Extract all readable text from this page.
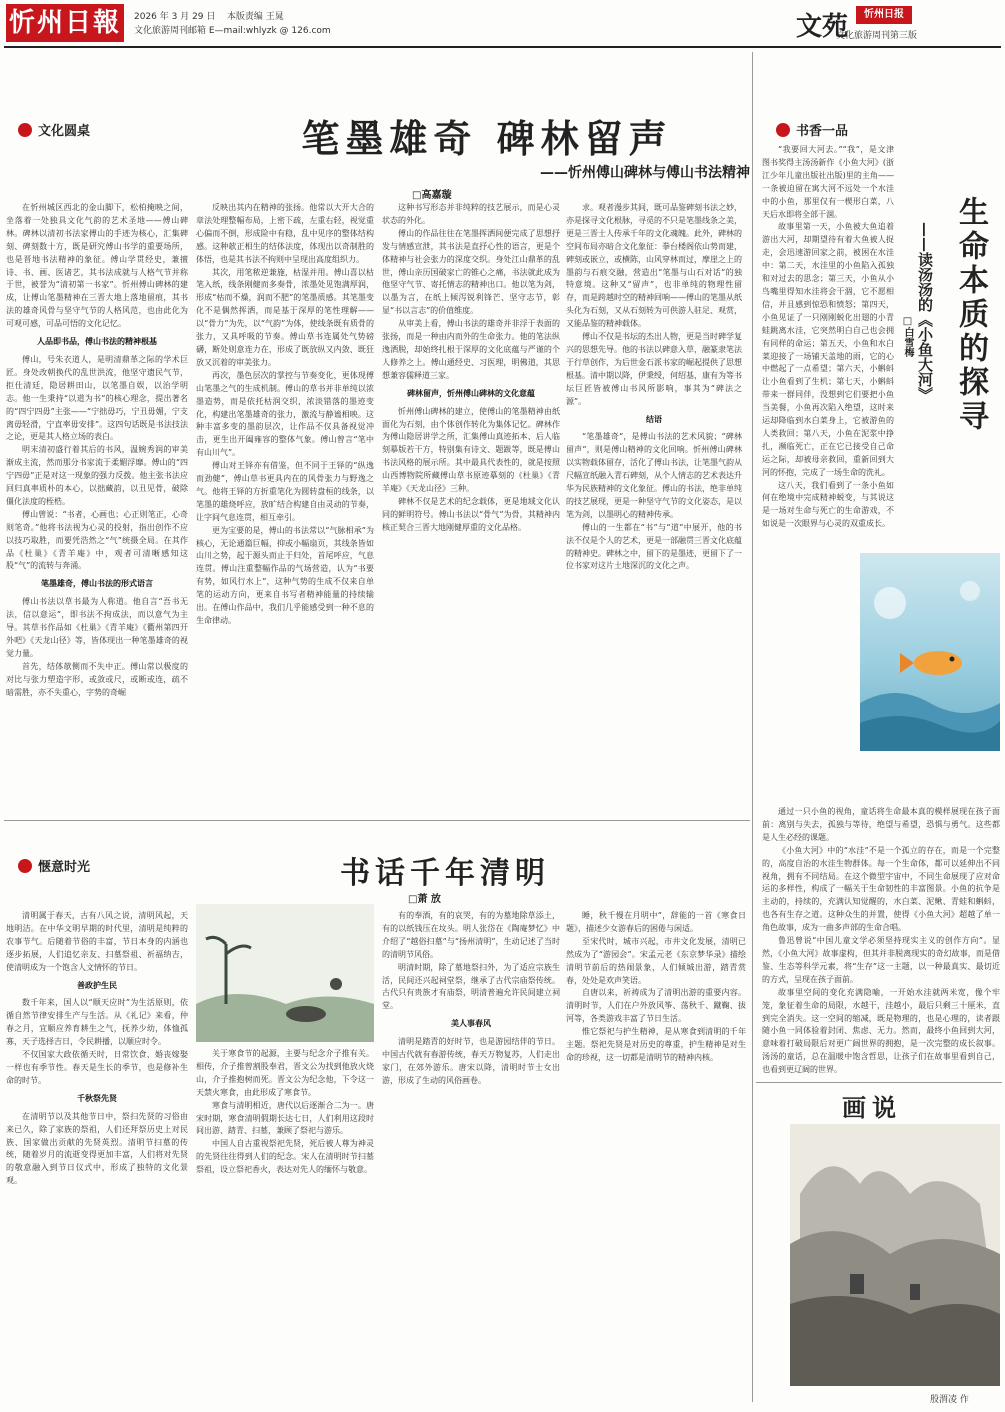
忻州日報	2026 年 3 月 29 日 本版责编 王晁
文化旅游周刊邮箱 E—mail:whlyzk @ 126.com	文苑	忻州日报
文化旅游周刊第三版
文化圆桌	笔墨雄奇 碑林留声
——忻州傅山碑林与傅山书法精神
□高嘉璇

在忻州城区西北的金山脚下，松柏掩映之间，坐落着一处独具文化气韵的艺术圣地——傅山碑林。碑林以清初书法家傅山的手迹为核心，汇集碑刻、碑刻数十方，既是研究傅山书学的重要场所，也是晋地书法精神的象征。傅山学贯经史，兼擅诗、书、画、医诸艺，其书法成就与人格气节并称于世，被誉为“清初第一书家”。忻州傅山碑林的建成，让傅山笔墨精神在三晋大地上落地留痕，其书法的雄奇风骨与坚守气节的人格风范，也由此化为可观可感，可品可悟的文化记忆。

人品即书品，傅山书法的精神根基

傅山，号朱衣道人，是明清鼎革之际的学术巨匠。身处改朝换代的乱世洪流，他坚守遗民气节，拒仕清廷，隐居耕田山，以笔墨自娱，以治学明志。他一生秉持“以道为书”的核心理念，提出著名的“四宁四毋”主张——“宁拙毋巧，宁丑毋媚，宁支离毋轻滑，宁直率毋安排”。这四句话既是书法技法之论，更是其人格立场的表白。

明末清初盛行着其后的书风，温婉秀润的审美渐成主流，然而那分书家流于柔媚浮靡。傅山的“四宁四毋”正是对这一现象的强力反拨。他主张书法应回归真率质朴的本心，以拙藏韵，以丑见骨，破除僵化法度的桎梏。

傅山曾说：“书者，心画也；心正则笔正，心奇则笔奇。”他将书法视为心灵的投射，指出创作不应以技巧取胜，而要凭浩然之“气”统摄全局。在其作品《杜巢》《青羊庵》中，观者可清晰感知这股“气”的流转与奔涌。

笔墨雄奇，傅山书法的形式语言

傅山书法以草书最为人称道。他自言“吾书无法，信以意运”，即书法不拘成法，而以意气为主导。其草书作品如《杜巢》《青羊庵》《衢州第四开外吧》《天龙山径》等，皆体现出一种笔墨雄奇的视觉力量。

首先，结体欹侧而不失中正。傅山常以极度的对比与张力塑造字形，或敛或尺，或断或连，疏不暗需胜，亦不失重心，字势的奇崛

反映出其内在精神的张扬。他常以大开大合的章法处理整幅布局，上密下疏，左重右轻，视觉重心偏而不倒，形成险中有稳，乱中见序的整体结构感。这种欹正相生的结体法度，体现出以奇制胜的体悟，也是其书法不拘则中呈现出高度组织力。

其次，用笔秾逆兼施，枯湿并用。傅山喜以枯笔入纸，线条刚健而多奏骨，浓墨处见饱满厚润，形成“枯而不燥，润而不肥”的笔墨质感。其笔墨变化不是偶然挥洒，而是基于深厚的笔性理解——以“骨力”为先，以“气韵”为体，使线条既有质骨的张力，又具呼吸的节奏。傅山草书连属处气势磅礴，断处则意连力在，形成了既放纵又内敛、既狂放又沉着的审美张力。

再次，墨色层次的掌控与节奏变化，更体现傅山笔墨之气的生成机制。傅山的草书并非单纯以浓墨造势，而是依托枯润交织，浓淡错落的墨迹变化，构建出笔墨雄奇的张力，激流与静谧相映。这种丰富多变的墨韵层次，让作品不仅具备视觉冲击，更生出开阖雍容的整体气象。傅山曾言“笔中有山川气”。

傅山对王铎亦有借鉴，但不同于王铎的“纵逸而劲健”，傅山草书更具内在的风骨张力与野逸之气。他将王铎的方折重笔化为圆转盘桓的线条，以笔墨的雄烧呼应，放旷结合构建自由灵动的节奏，让字间气息连贯，相互牵引。

更为宝要的是，傅山的书法常以“气脉相承”为核心，无论通篇巨幅，抑或小幅扇页，其线条皆如山川之势，起于源头而止于归处，首尾呼应，气息连贯。傅山注重整幅作品的气场营造，认为“书要有势，如风行水上”，这种气势的生成不仅来自单笔的运动方向，更来自书写者精神能量的持续输出。在傅山作品中，我们几乎能感受到一种不息的生命律动。

这种书写形态并非纯粹的技艺展示，而是心灵状态的外化。

傅山的作品往往在笔墨挥洒间便完成了思想抒发与情感宣泄，其书法是直抒心性的语言，更是个体精神与社会张力的深度交织。身处江山鼎革的乱世，傅山亲历国破家亡的锥心之痛，书法就此成为他坚守气节、寄托情志的精神出口。他以笔为剑，以墨为言，在纸上倾泻锐利锋芒、坚守志节，彰显“书以言志”的价值维度。

从审美上看，傅山书法的雄奇并非浮于表面的张扬，而是一种由内而外的生命张力。他的笔法纵逸洒脱，却始终扎根于深厚的文化底蕴与严谨的个人修养之上。傅山通经史、习医理，明佛道，其思想兼容儒释道三家。

碑林留声，忻州傅山碑林的文化意蕴

忻州傅山碑林的建立，使傅山的笔墨精神由纸面化为石刻，由个体创作转化为集体记忆。碑林作为傅山隐居讲学之所，汇集傅山真迹拓本、后人临刻摹版若干方，特别集有诗文、题跋等，既是傅山书法风格的展示所。其中最具代表性的，就是按照山西博物院所藏傅山草书原迹摹刻的《杜巢》《青羊庵》《天龙山径》三种。

碑林不仅是艺术的纪念载体，更是地域文化认同的鲜明符号。傅山书法以“骨气”为骨，其精神内核正契合三晋大地刚健厚重的文化品格。

求。观者漫步其间，既可品鉴碑刻书法之妙，亦是探寻文化根脉，寻觅的不只是笔墨线条之美，更是三晋士人传承千年的文化魂魄。此外，碑林的空间布局亦暗合文化象征：拳台楼阁依山势而建，碑刻或嵌立，或横陈，山风穿林而过，摩崖之上的墨韵与石痕交融，营造出“笔墨与山石对话”的独特意境。这种又“留声”，也非单纯的物理性留存，而是跨越时空的精神回响——傅山的笔墨从纸头化为石刻，又从石刻转为可供游人驻足、观赏，又能品鉴的精神载体。

傅山不仅是书坛的杰出人物，更是当时碑学复兴的思想先导。他的书法以碑意入草，融篆隶笔法于行草创作，为后世金石派书家的崛起提供了思想根基。清中期以降，伊秉绶，何绍基，康有为等书坛巨匠皆被傅山书风所影响，事其为“碑法之源”。

结语

“笔墨雄奇”，是傅山书法的艺术风貌；“碑林留声”，则是傅山精神的文化回响。忻州傅山碑林以实物载体留存，活化了傅山书法，让笔墨气韵从尺幅宣纸融入青石碑刻，从个人情志的艺术表达升华为民族精神的文化象征。傅山的书法，绝非单纯的技艺展现，更是一种坚守气节的文化姿态，是以笔为剑，以墨明心的精神传承。

傅山的一生都在“书”与“道”中展开，他的书法不仅是个人的艺术，更是一部融贯三晋文化底蕴的精神史。碑林之中，留下的是墨迹，更留下了一位书家对这片土地深沉的文化之声。

书香一品
生命本质的探寻
——读汤汤的《小鱼大河》
□白雪梅

“我要回大河去。”“我”，是文津图书奖得主汤汤新作《小鱼大河》(浙江少年儿童出版社出版)里的主角——一条被迫留在寓大河不远处一个水洼中的小鱼，那里仅有一楔形白菜，八天后水即将全部干涸。

故事里第一天，小鱼被大鱼追着游出大河，却期望待有着大鱼被人捉走，会迅速游回家之前，被困在水洼中：第二天，水洼里的小鱼陷入孤独和对过去的思念；第三天，小鱼从小鸟嘴里得知水洼将会干涸，它不愿相信，并且感到惊恐和愤怒；第四天，小鱼见证了一只刚刚蜕化出翅的小青蛙跳离水洼，它突然明白自己也会拥有同样的命运；第五天，小鱼和水白菜迎接了一场铺天盖地的雨，它的心中燃起了一点希望；第六天，小蝌蚪让小鱼看到了生机；第七天，小蝌蚪带来一群同伴，没想到它们要把小鱼当美餐，小鱼再次陷入绝望，这时来运却降临到水白菜身上，它被游鱼的人类救回；第八天，小鱼在泥浆中挣扎，濒临死亡，正在它已接受自己命运之际，却被母亲救回，重新回到大河的怀抱，完成了一场生命的洗礼。

这八天，我们看到了一条小鱼如何在绝境中完成精神蜕变，与其说这是一场对生命与死亡的生命游戏，不如说是一次眼界与心灵的双重成长。

通过一只小鱼的视角，童话将生命最本真的模样展现在孩子面前：离别与失去，孤独与等待，绝望与希望，恐惧与勇气。这些都是人生必经的课题。

《小鱼大河》中的“水洼”不是一个孤立的存在，而是一个完整的，高度自治的水洼生物群体。每一个生命体，都可以延伸出不同视角，拥有不同结局。在这个微型宇宙中，不同生命展现了应对命运的多样性，构成了一幅关于生命韧性的丰富图景。小鱼的抗争是主动的，持续的，充满认知觉醒的，水白菜、泥鳅、青蛙和蝌蚪，也各有生存之道。这种众生的并置，使得《小鱼大河》超越了单一角色故事，成为一曲多声部的生命合唱。

鲁迅曾说“中国儿童文学必须坚持现实主义的创作方向”。显然，《小鱼大河》故事虚构，但其并非脱离现实的奇幻故事，而是借鉴、生态等科学元素，将“生存”这一主题，以一种最真实、最切近的方式，呈现在孩子面前。

故事里空间的变化充满隐喻，一开始水洼就两米宽，像个牢笼，象征着生命的局限，水越干，洼越小，最后只剩三十厘米，直到完全消失。这一空间的缩减，既是物理的，也是心理的，读者跟随小鱼一同体验着封闭、焦虑、无力。然而，最终小鱼回到大河，意味着打破局限后对更广阔世界的拥抱，是一次完整的成长叙事。汤汤的童话，总在温暖中饱含哲思，让孩子们在故事里看到自己，也看到更辽阔的世界。

画说
殷渭凌 作
惬意时光	书话千年清明
□萧 放

清明属于春天，古有八风之说，清明风起，天地明洁。在中华文明早期的时代里，清明是纯粹的农事节气。后随着节俗的丰富，节日本身的内涵也逐步拓展，人们追忆亲友、扫墓祭祖、祈福纳吉，使清明成为一个饱含人文情怀的节日。

善政护生民

数千年来，国人以“顺天应时”为生活原则，依循自然节律安排生产与生活。从《礼记》来看，仲春之月，宜顺应养育耕生之气，抚养少幼，体恤孤寡，天子选择吉日，令民耕播，以顺应时令。

不仅国家大政依循天时，日常饮食、婚丧嫁娶一样也有季节性。春天是生长的季节，也是修补生命的时节。

千秋祭先贤

在清明节以及其他节日中，祭扫先贤的习俗由来已久，除了家族的祭祖，人们还拜祭历史上对民族、国家做出贡献的先贤英烈。清明节扫墓的传统，随着岁月的流逝变得更加丰富，人们将对先贤的敬意融入到节日仪式中，形成了独特的文化景观。

关于寒食节的起源，主要与纪念介子推有关。相传，介子推曾割股奉君，晋文公为找到他放火烧山，介子推抱树而死。晋文公为纪念他，下令这一天禁火寒食，由此形成了寒食节。

寒食与清明相近，唐代以后逐渐合二为一。唐宋时期，寒食清明假期长达七日，人们利用这段时间出游、踏青、扫墓，兼顾了祭祀与游乐。

中国人自古重视祭祀先贤，死后被人尊为神灵的先贤往往得到人们的纪念。宋人在清明时节扫墓祭祖，设立祭祀香火，表达对先人的缅怀与敬意。

有的奉酒，有的哀哭，有的为墓地除草添土，有的以纸钱压在坟头。明人张岱在《陶庵梦忆》中介绍了“越俗扫墓”与“扬州清明”，生动记述了当时的清明节风俗。

明清时期，除了墓地祭扫外，为了适应宗族生活，民间还兴起祠堂祭，继承了古代宗庙祭传统。古代只有贵族才有庙祭，明清普遍允许民间建立祠堂。

美人事春风

清明是踏青的好时节，也是游园结伴的节日。中国古代就有春游传统，春天万物复苏，人们走出家门，在郊外游乐。唐宋以降，清明时节士女出游，形成了生动的风俗画卷。

睡，秋千慢在月明中”，辞能的一首《寒食日题》，描述少女游春后的困倦与闲适。

至宋代时，城市兴起，市井文化发展，清明已然成为了“游园会”。宋孟元老《东京梦华录》描绘清明节前后的热闹景象，人们倾城出游，踏青赏春，处处是欢声笑语。

自唐以来，祈祷成为了清明出游的重要内容。清明时节，人们在户外放风筝、荡秋千、蹴鞠、拔河等，各类游戏丰富了节日生活。

惟它祭祀与护生精神，是从寒食到清明的千年主题。祭祀先贤是对历史的尊重，护生精神是对生命的珍视，这一切都是清明节的精神内核。
